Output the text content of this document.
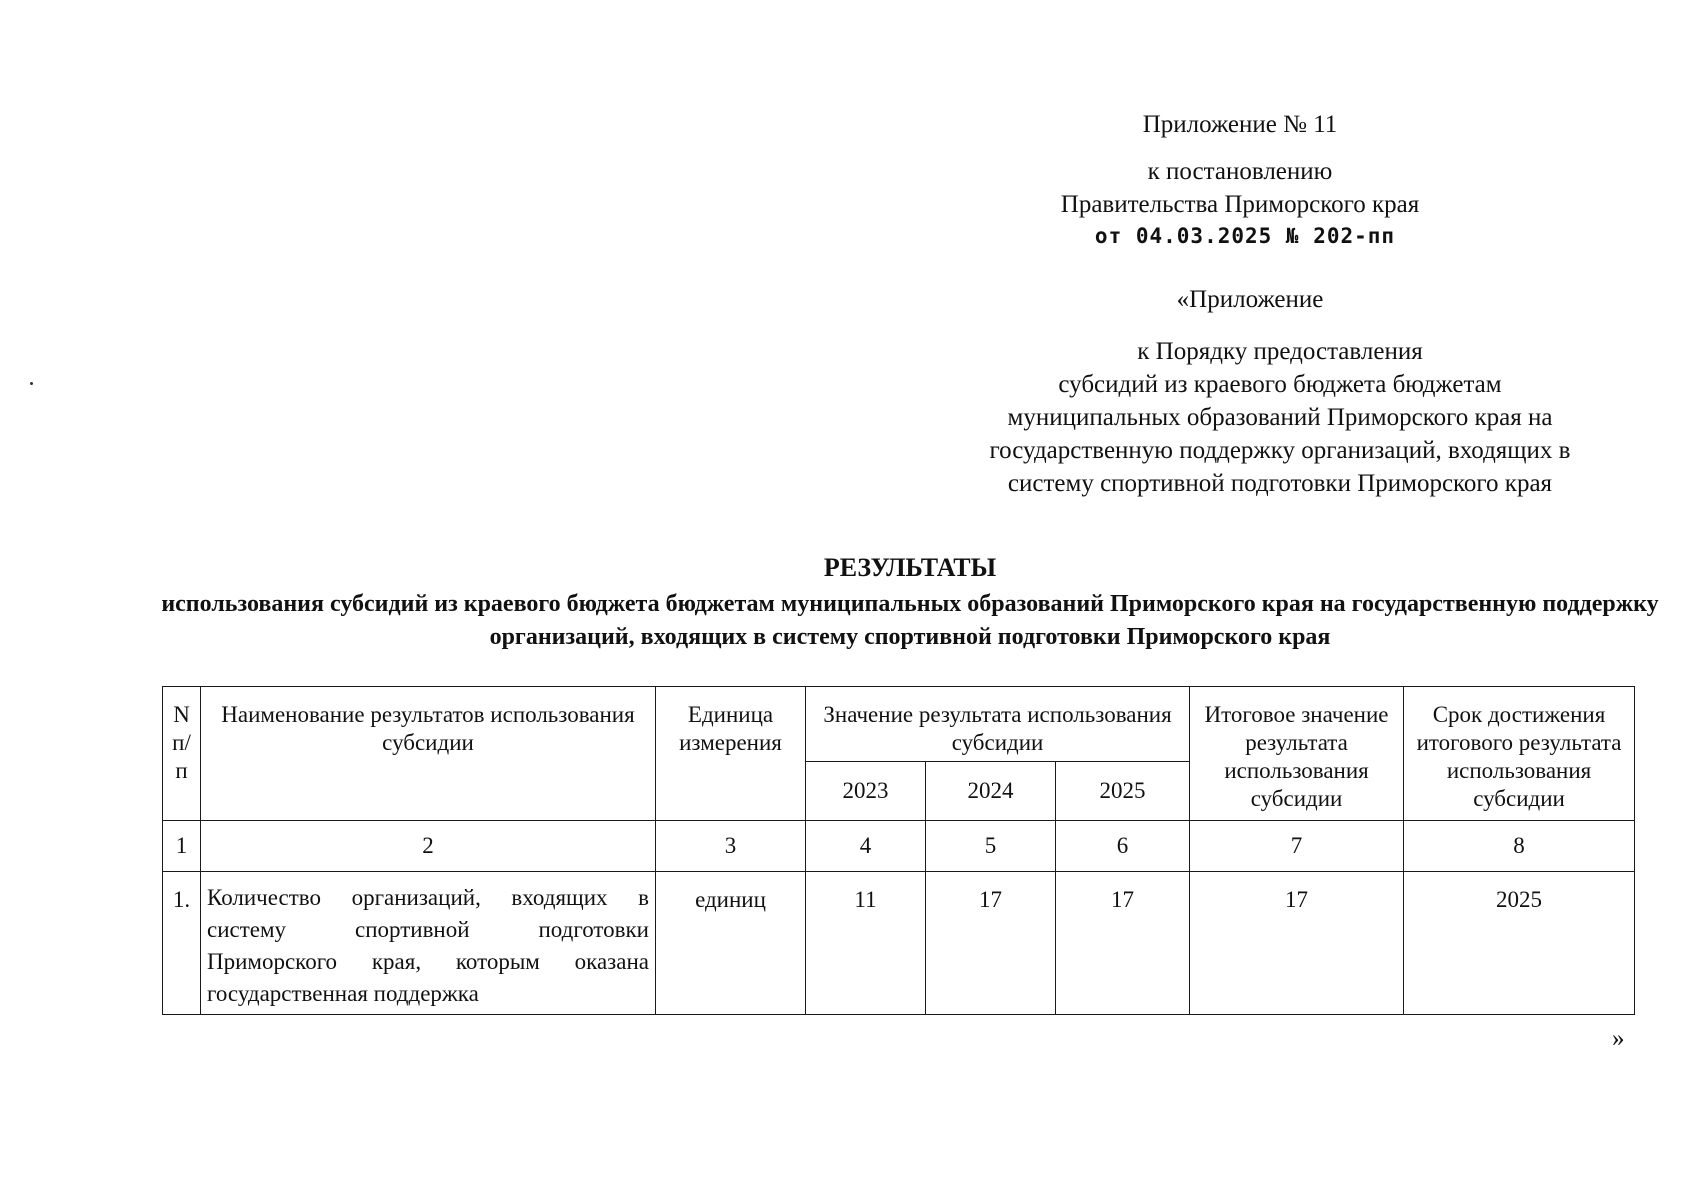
Приложение № 11
к постановлению
Правительства Приморского края
от 04.03.2025 № 202-пп
«Приложение
к Порядку предоставления
субсидий из краевого бюджета бюджетам
муниципальных образований Приморского края на
государственную поддержку организаций, входящих в
систему спортивной подготовки Приморского края
РЕЗУЛЬТАТЫ
использования субсидий из краевого бюджета бюджетам муниципальных образований Приморского края на государственную поддержку организаций, входящих в систему спортивной подготовки Приморского края
N п/ п	Наименование результатов использования субсидии	Единица измерения	Значение результата использования субсидии			Итоговое значение результата использования субсидии	Срок достижения итогового результата использования субсидии
			2023	2024	2025		
1	2	3	4	5	6	7	8
1.	Количество организаций, входящих в систему спортивной подготовки Приморского края, которым оказана государственная поддержка	единиц	11	17	17	17	2025
»
